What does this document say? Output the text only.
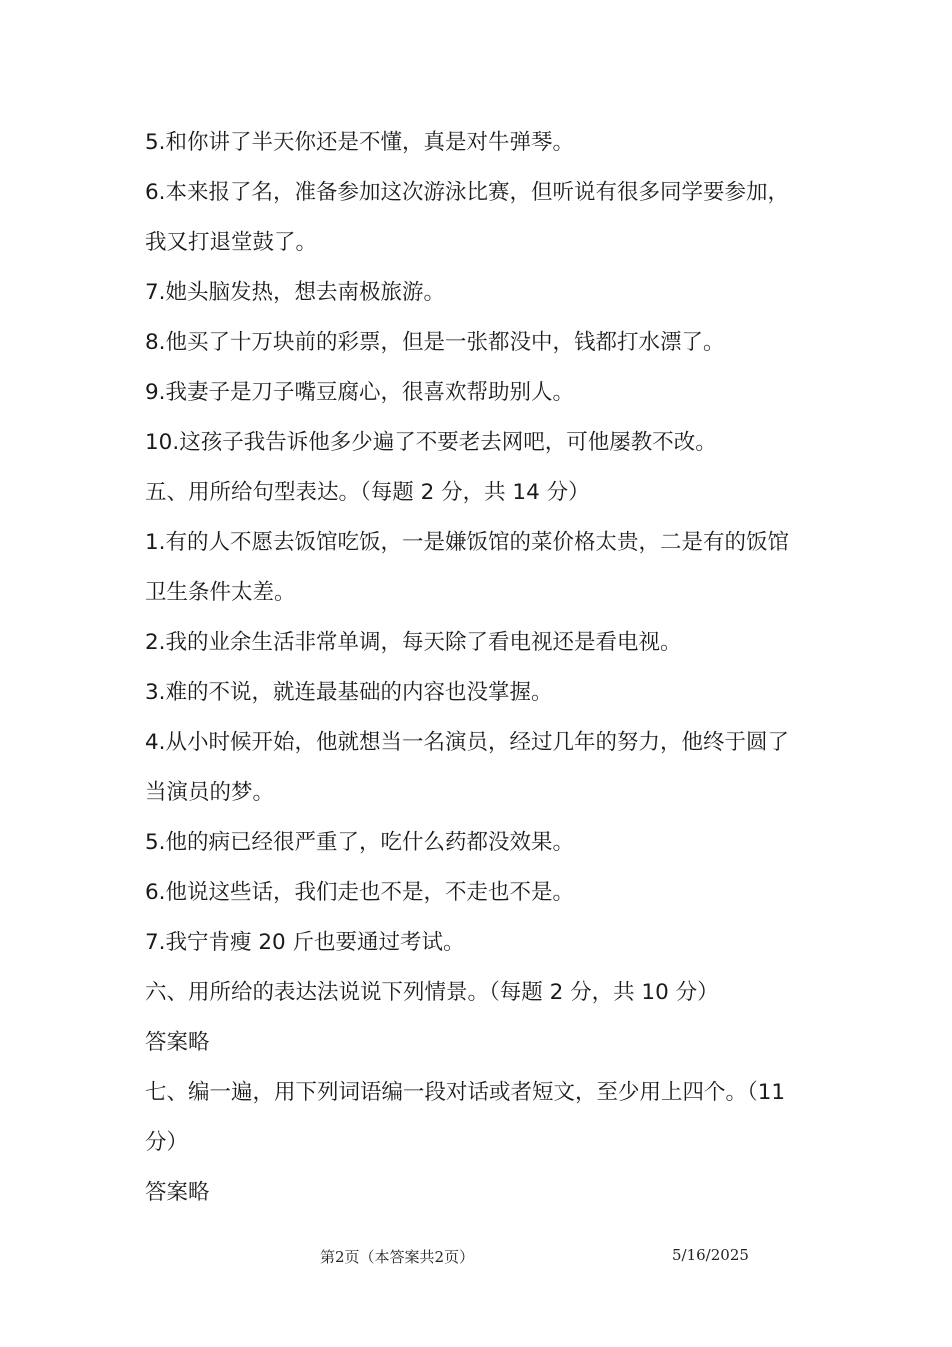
5.和你讲了半天你还是不懂，真是对牛弹琴。
6.本来报了名，准备参加这次游泳比赛，但听说有很多同学要参加，
我又打退堂鼓了。
7.她头脑发热，想去南极旅游。
8.他买了十万块前的彩票，但是一张都没中，钱都打水漂了。
9.我妻子是刀子嘴豆腐心，很喜欢帮助别人。
10.这孩子我告诉他多少遍了不要老去网吧，可他屡教不改。
五、用所给句型表达。（每题 2 分，共 14 分）
1.有的人不愿去饭馆吃饭，一是嫌饭馆的菜价格太贵，二是有的饭馆
卫生条件太差。
2.我的业余生活非常单调，每天除了看电视还是看电视。
3.难的不说，就连最基础的内容也没掌握。
4.从小时候开始，他就想当一名演员，经过几年的努力，他终于圆了
当演员的梦。
5.他的病已经很严重了，吃什么药都没效果。
6.他说这些话，我们走也不是，不走也不是。
7.我宁肯瘦 20 斤也要通过考试。
六、用所给的表达法说说下列情景。（每题 2 分，共 10 分）
答案略
七、编一遍，用下列词语编一段对话或者短文，至少用上四个。（11
分）
答案略
第2页（本答案共2页）	5/16/2025
